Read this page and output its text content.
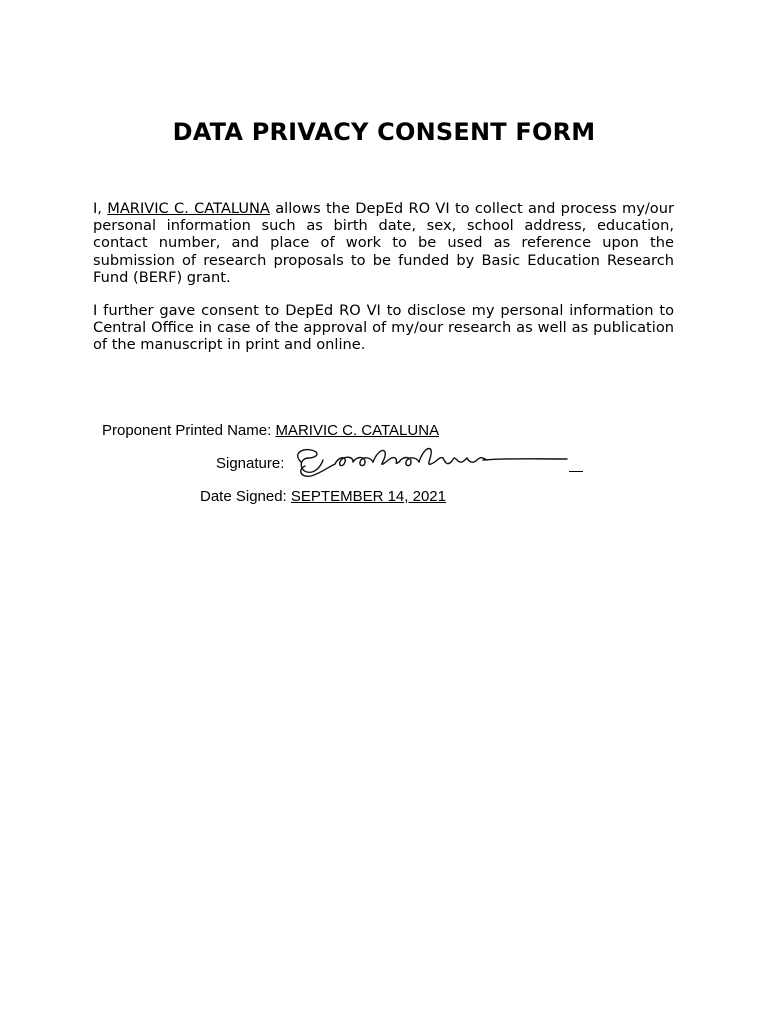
DATA PRIVACY CONSENT FORM

I, MARIVIC C. CATALUNA allows the DepEd RO VI to collect and process my/our personal information such as birth date, sex, school address, education, contact number, and place of work to be used as reference upon the submission of research proposals to be funded by Basic Education Research Fund (BERF) grant.

I further gave consent to DepEd RO VI to disclose my personal information to Central Office in case of the approval of my/our research as well as publication of the manuscript in print and online.

Proponent Printed Name: MARIVIC C. CATALUNA
Signature:
Date Signed: SEPTEMBER 14, 2021
